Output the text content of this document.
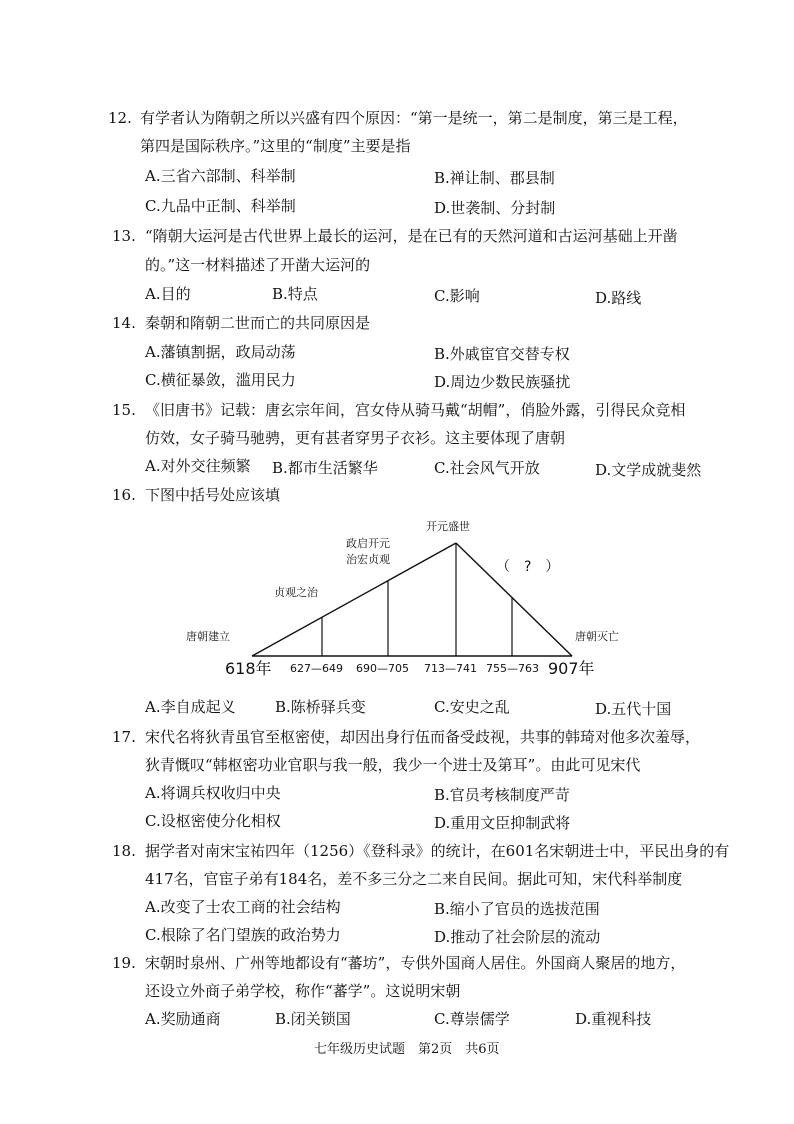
12. 有学者认为隋朝之所以兴盛有四个原因：“第一是统一，第二是制度，第三是工程，
第四是国际秩序。”这里的“制度”主要是指
A.三省六部制、科举制	B.禅让制、郡县制
C.九品中正制、科举制	D.世袭制、分封制
13. “隋朝大运河是古代世界上最长的运河，是在已有的天然河道和古运河基础上开凿
的。”这一材料描述了开凿大运河的
A.目的	B.特点	C.影响	D.路线
14. 秦朝和隋朝二世而亡的共同原因是
A.藩镇割据，政局动荡	B.外戚宦官交替专权
C.横征暴敛，滥用民力	D.周边少数民族骚扰
15. 《旧唐书》记载：唐玄宗年间，宫女侍从骑马戴“胡帽”，俏脸外露，引得民众竞相
仿效，女子骑马驰骋，更有甚者穿男子衣衫。这主要体现了唐朝
A.对外交往频繁 B.都市生活繁华	C.社会风气开放	D.文学成就斐然
16. 下图中括号处应该填
唐朝建立
贞观之治
政启开元
治宏贞观
开元盛世
（　?　）
唐朝灭亡
618年 627—649 690—705 713—741 755—763 907年
A.李自成起义	B.陈桥驿兵变	C.安史之乱	D.五代十国
17. 宋代名将狄青虽官至枢密使，却因出身行伍而备受歧视，共事的韩琦对他多次羞辱，
狄青慨叹“韩枢密功业官职与我一般，我少一个进士及第耳”。由此可见宋代
A.将调兵权收归中央	B.官员考核制度严苛
C.设枢密使分化相权	D.重用文臣抑制武将
18. 据学者对南宋宝祐四年（1256）《登科录》的统计，在601名宋朝进士中，平民出身的有
417名，官宦子弟有184名，差不多三分之二来自民间。据此可知，宋代科举制度
A.改变了士农工商的社会结构	B.缩小了官员的选拔范围
C.根除了名门望族的政治势力	D.推动了社会阶层的流动
19. 宋朝时泉州、广州等地都设有“蕃坊”，专供外国商人居住。外国商人聚居的地方，
还设立外商子弟学校，称作“蕃学”。这说明宋朝
A.奖励通商	B.闭关锁国	C.尊崇儒学	D.重视科技
七年级历史试题　第2页　共6页
